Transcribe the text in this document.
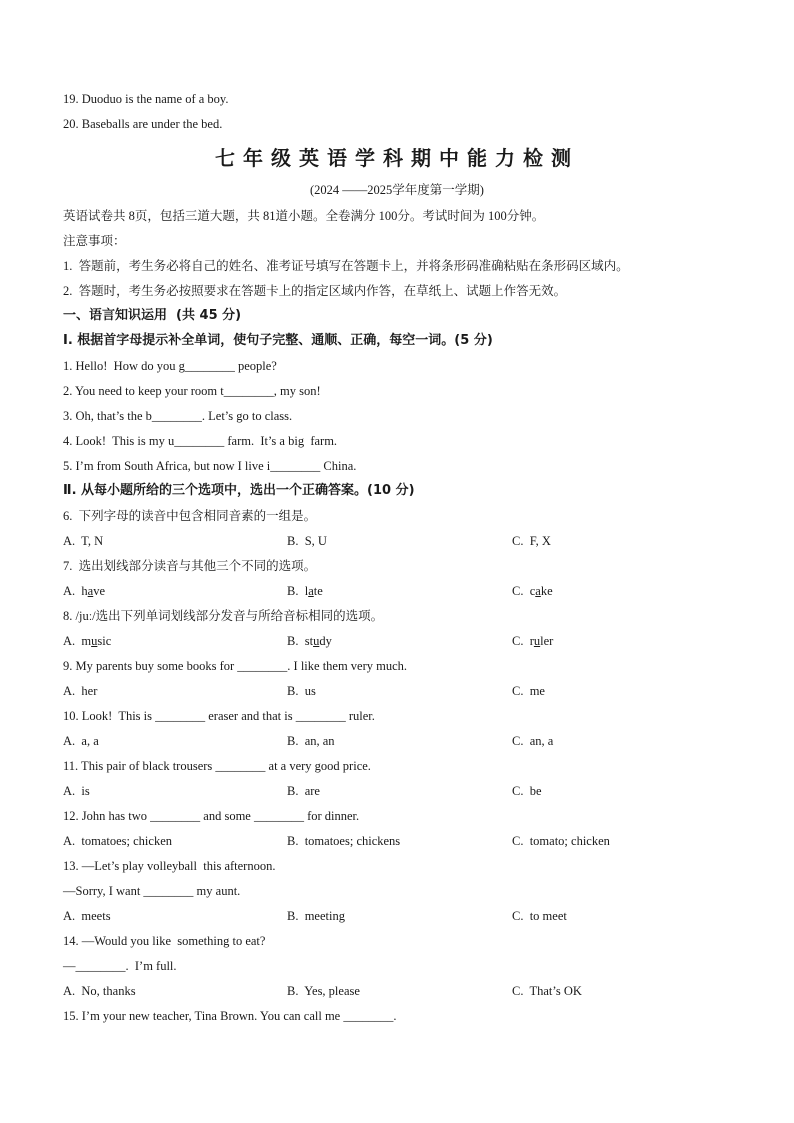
19. Duoduo is the name of a boy.
20. Baseballs are under the bed.
七年级英语学科期中能力检测
(2024 ——2025学年度第一学期)
英语试卷共 8页，包括三道大题，共 81道小题。全卷满分 100分。考试时间为 100分钟。
注意事项：
1.  答题前，考生务必将自己的姓名、准考证号填写在答题卡上，并将条形码准确粘贴在条形码区域内。
2.  答题时，考生务必按照要求在答题卡上的指定区域内作答，在草纸上、试题上作答无效。
一、语言知识运用  (共 45 分)
Ⅰ. 根据首字母提示补全单词，使句子完整、通顺、正确，每空一词。(5 分)
1. Hello!  How do you g________ people?
2. You need to keep your room t________, my son!
3. Oh, that’s the b________. Let’s go to class.
4. Look!  This is my u________ farm.  It’s a big  farm.
5. I’m from South Africa, but now I live i________ China.
Ⅱ. 从每小题所给的三个选项中，选出一个正确答案。(10 分)
6.  下列字母的读音中包含相同音素的一组是。
A.  T, N	B.  S, U	C.  F, X
7.  选出划线部分读音与其他三个不同的选项。
A.  have	B.  late	C.  cake
8. /juː/选出下列单词划线部分发音与所给音标相同的选项。
A.  music	B.  study	C.  ruler
9. My parents buy some books for ________. I like them very much.
A.  her	B.  us	C.  me
10. Look!  This is ________ eraser and that is ________ ruler.
A.  a, a	B.  an, an	C.  an, a
11. This pair of black trousers ________ at a very good price.
A.  is	B.  are	C.  be
12. John has two ________ and some ________ for dinner.
A.  tomatoes; chicken	B.  tomatoes; chickens	C.  tomato; chicken
13. —Let’s play volleyball  this afternoon.
—Sorry, I want ________ my aunt.
A.  meets	B.  meeting	C.  to meet
14. —Would you like  something to eat?
—________.  I’m full.
A.  No, thanks	B.  Yes, please	C.  That’s OK
15. I’m your new teacher, Tina Brown. You can call me ________.
